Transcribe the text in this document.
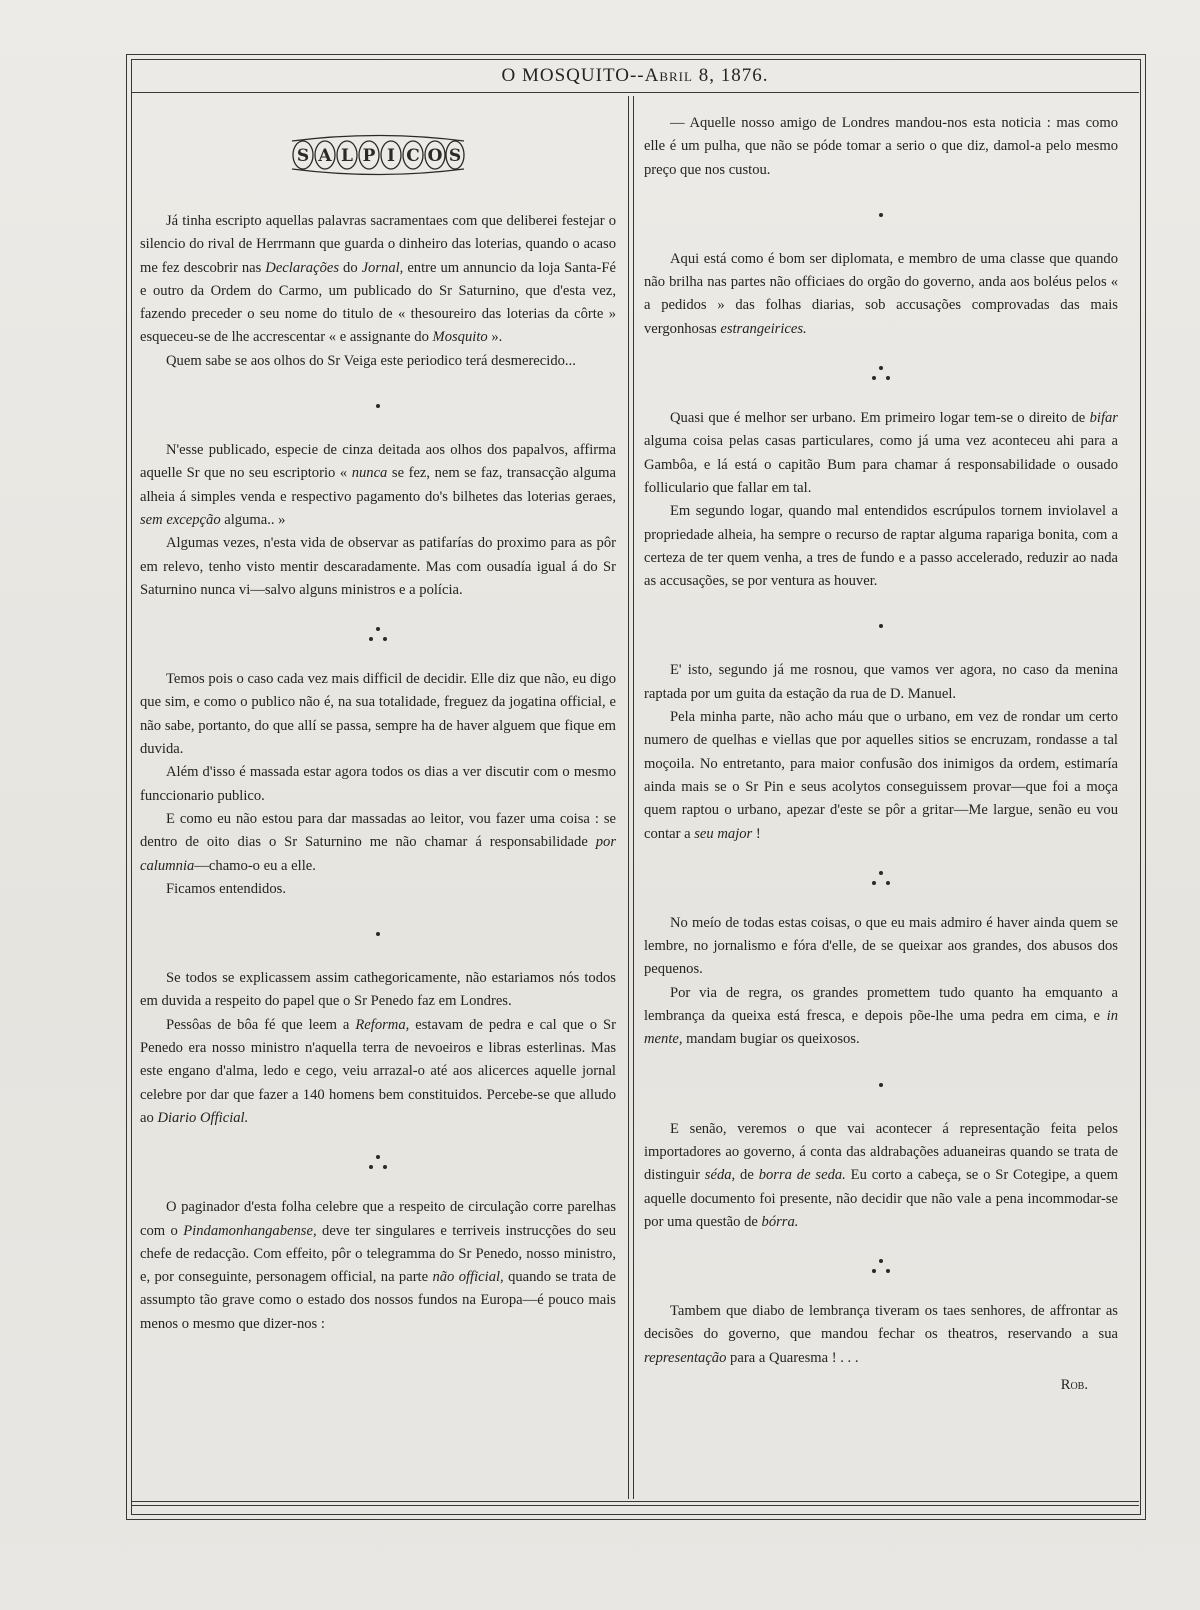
O MOSQUITO--Abril 8, 1876.
S A L P I C O S

Já tinha escripto aquellas palavras sacramentaes com que deliberei festejar o silencio do rival de Herrmann que guarda o dinheiro das loterias, quando o acaso me fez descobrir nas Declarações do Jornal, entre um annuncio da loja Santa-Fé e outro da Ordem do Carmo, um publicado do Sr Saturnino, que d'esta vez, fazendo preceder o seu nome do titulo de « thesoureiro das loterias da côrte » esqueceu-se de lhe accrescentar « e assignante do Mosquito ».

Quem sabe se aos olhos do Sr Veiga este periodico terá desmerecido...

N'esse publicado, especie de cinza deitada aos olhos dos papalvos, affirma aquelle Sr que no seu escriptorio « nunca se fez, nem se faz, transacção alguma alheia á simples venda e respectivo pagamento do's bilhetes das loterias geraes, sem excepção alguma.. »

Algumas vezes, n'esta vida de observar as patifarías do proximo para as pôr em relevo, tenho visto mentir descaradamente. Mas com ousadía igual á do Sr Saturnino nunca vi—salvo alguns ministros e a polícia.

Temos pois o caso cada vez mais difficil de decidir. Elle diz que não, eu digo que sim, e como o publico não é, na sua totalidade, freguez da jogatina official, e não sabe, portanto, do que allí se passa, sempre ha de haver alguem que fique em duvida.

Além d'isso é massada estar agora todos os dias a ver discutir com o mesmo funccionario publico.

E como eu não estou para dar massadas ao leitor, vou fazer uma coisa : se dentro de oito dias o Sr Saturnino me não chamar á responsabilidade por calumnia—chamo-o eu a elle.

Ficamos entendidos.

Se todos se explicassem assim cathegoricamente, não estariamos nós todos em duvida a respeito do papel que o Sr Penedo faz em Londres.

Pessôas de bôa fé que leem a Reforma, estavam de pedra e cal que o Sr Penedo era nosso ministro n'aquella terra de nevoeiros e libras esterlinas. Mas este engano d'alma, ledo e cego, veiu arrazal-o até aos alicerces aquelle jornal celebre por dar que fazer a 140 homens bem constituidos. Percebe-se que alludo ao Diario Official.

O paginador d'esta folha celebre que a respeito de circulação corre parelhas com o Pindamonhangabense, deve ter singulares e terriveis instrucções do seu chefe de redacção. Com effeito, pôr o telegramma do Sr Penedo, nosso ministro, e, por conseguinte, personagem official, na parte não official, quando se trata de assumpto tão grave como o estado dos nossos fundos na Europa—é pouco mais menos o mesmo que dizer-nos :

— Aquelle nosso amigo de Londres mandou-nos esta noticia : mas como elle é um pulha, que não se póde tomar a serio o que diz, damol-a pelo mesmo preço que nos custou.

Aqui está como é bom ser diplomata, e membro de uma classe que quando não brilha nas partes não officiaes do orgão do governo, anda aos boléus pelos « a pedidos » das folhas diarias, sob accusações comprovadas das mais vergonhosas estrangeirices.

Quasi que é melhor ser urbano. Em primeiro logar tem-se o direito de bifar alguma coisa pelas casas particulares, como já uma vez aconteceu ahi para a Gambôa, e lá está o capitão Bum para chamar á responsabilidade o ousado folliculario que fallar em tal.

Em segundo logar, quando mal entendidos escrúpulos tornem inviolavel a propriedade alheia, ha sempre o recurso de raptar alguma rapariga bonita, com a certeza de ter quem venha, a tres de fundo e a passo accelerado, reduzir ao nada as accusações, se por ventura as houver.

E' isto, segundo já me rosnou, que vamos ver agora, no caso da menina raptada por um guita da estação da rua de D. Manuel.

Pela minha parte, não acho máu que o urbano, em vez de rondar um certo numero de quelhas e viellas que por aquelles sitios se encruzam, rondasse a tal moçoila. No entretanto, para maior confusão dos inimigos da ordem, estimaría ainda mais se o Sr Pin e seus acolytos conseguissem provar—que foi a moça quem raptou o urbano, apezar d'este se pôr a gritar—Me largue, senão eu vou contar a seu major !

No meío de todas estas coisas, o que eu mais admiro é haver ainda quem se lembre, no jornalismo e fóra d'elle, de se queixar aos grandes, dos abusos dos pequenos.

Por via de regra, os grandes promettem tudo quanto ha emquanto a lembrança da queixa está fresca, e depois põe-lhe uma pedra em cima, e in mente, mandam bugiar os queixosos.

E senão, veremos o que vai acontecer á representação feita pelos importadores ao governo, á conta das aldrabações aduaneiras quando se trata de distinguir séda, de borra de seda. Eu corto a cabeça, se o Sr Cotegipe, a quem aquelle documento foi presente, não decidir que não vale a pena incommodar-se por uma questão de bórra.

Tambem que diabo de lembrança tiveram os taes senhores, de affrontar as decisões do governo, que mandou fechar os theatros, reservando a sua representação para a Quaresma ! . . .

Rob.
